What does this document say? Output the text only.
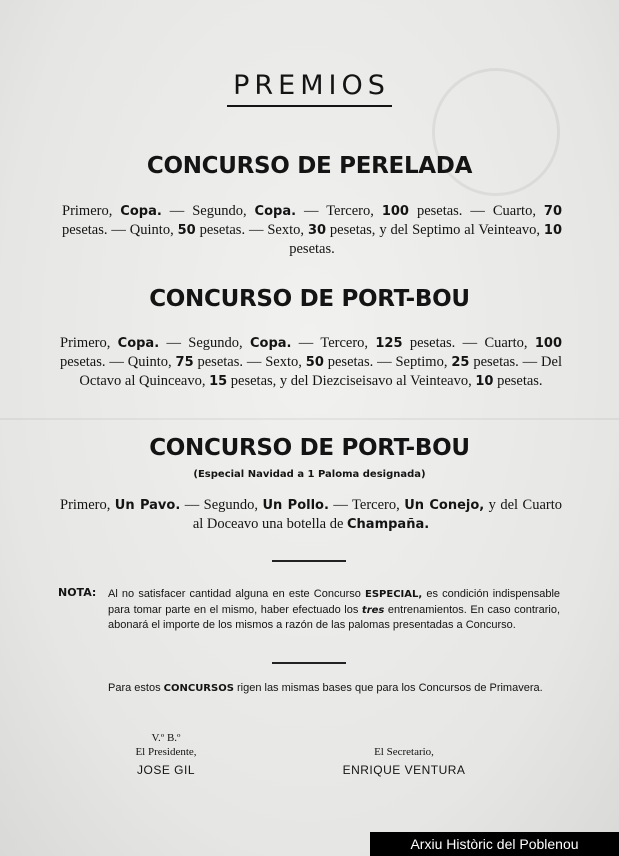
PREMIOS
CONCURSO DE PERELADA
Primero, Copa. — Segundo, Copa. — Tercero, 100 pesetas. — Cuarto, 70 pesetas. — Quinto, 50 pesetas. — Sexto, 30 pesetas, y del Septimo al Veinteavo, 10 pesetas.
CONCURSO DE PORT-BOU
Primero, Copa. — Segundo, Copa. — Tercero, 125 pesetas. — Cuarto, 100 pesetas. — Quinto, 75 pesetas. — Sexto, 50 pesetas. — Septimo, 25 pesetas. — Del Octavo al Quinceavo, 15 pesetas, y del Diezciseisavo al Veinteavo, 10 pesetas.
CONCURSO DE PORT-BOU
(Especial Navidad a 1 Paloma designada)
Primero, Un Pavo. — Segundo, Un Pollo. — Tercero, Un Conejo, y del Cuarto al Doceavo una botella de Champaña.
NOTA: Al no satisfacer cantidad alguna en este Concurso ESPECIAL, es condición indispensable para tomar parte en el mismo, haber efectuado los tres entrenamientos. En caso contrario, abonará el importe de los mismos a razón de las palomas presentadas a Concurso.
Para estos CONCURSOS rigen las mismas bases que para los Concursos de Primavera.
V.º B.º
El Presidente,
JOSE GIL
El Secretario,
ENRIQUE VENTURA
Arxiu Històric del Poblenou
